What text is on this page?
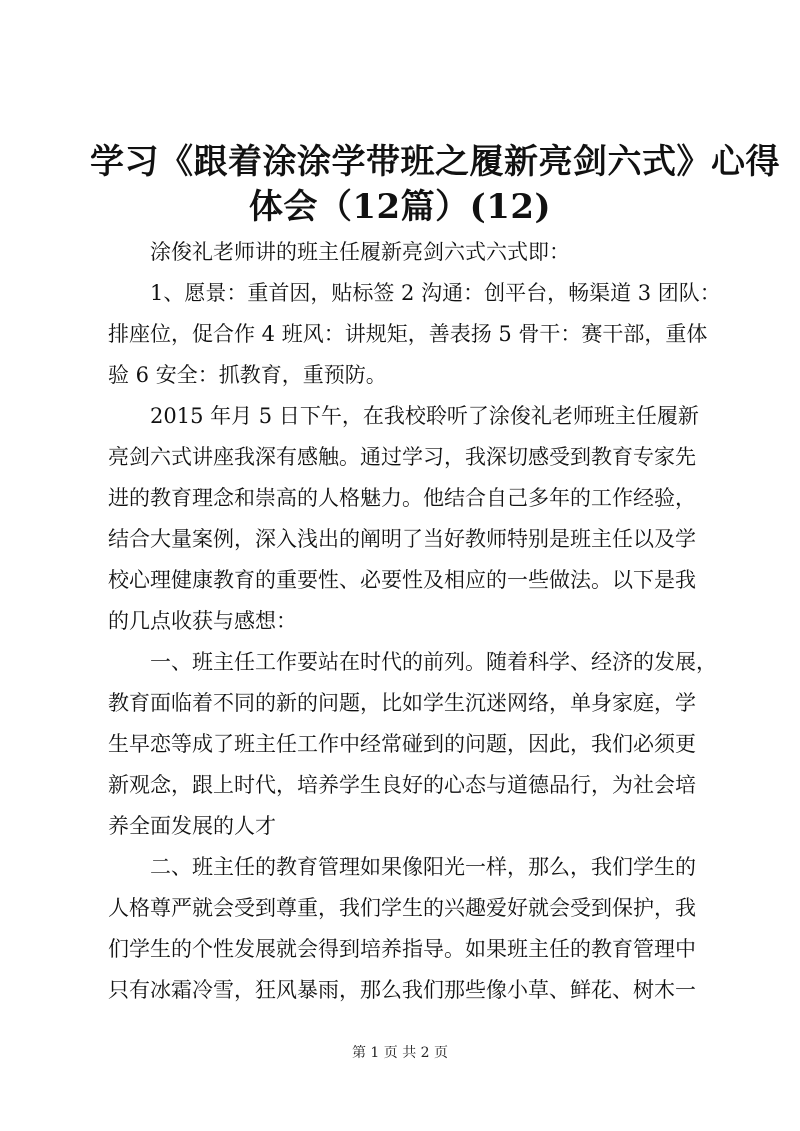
学习《跟着涂涂学带班之履新亮剑六式》心得
体会（12篇）(12)

涂俊礼老师讲的班主任履新亮剑六式六式即：

1、愿景：重首因，贴标签 2 沟通：创平台，畅渠道 3 团队：
排座位，促合作 4 班风：讲规矩，善表扬 5 骨干：赛干部，重体
验 6 安全：抓教育，重预防。

2015 年月 5 日下午，在我校聆听了涂俊礼老师班主任履新
亮剑六式讲座我深有感触。通过学习，我深切感受到教育专家先
进的教育理念和崇高的人格魅力。他结合自己多年的工作经验，
结合大量案例，深入浅出的阐明了当好教师特别是班主任以及学
校心理健康教育的重要性、必要性及相应的一些做法。以下是我
的几点收获与感想：

一、班主任工作要站在时代的前列。随着科学、经济的发展，
教育面临着不同的新的问题，比如学生沉迷网络，单身家庭，学
生早恋等成了班主任工作中经常碰到的问题，因此，我们必须更
新观念，跟上时代，培养学生良好的心态与道德品行，为社会培
养全面发展的人才

二、班主任的教育管理如果像阳光一样，那么，我们学生的
人格尊严就会受到尊重，我们学生的兴趣爱好就会受到保护，我
们学生的个性发展就会得到培养指导。如果班主任的教育管理中
只有冰霜冷雪，狂风暴雨，那么我们那些像小草、鲜花、树木一

第 1 页 共 2 页
